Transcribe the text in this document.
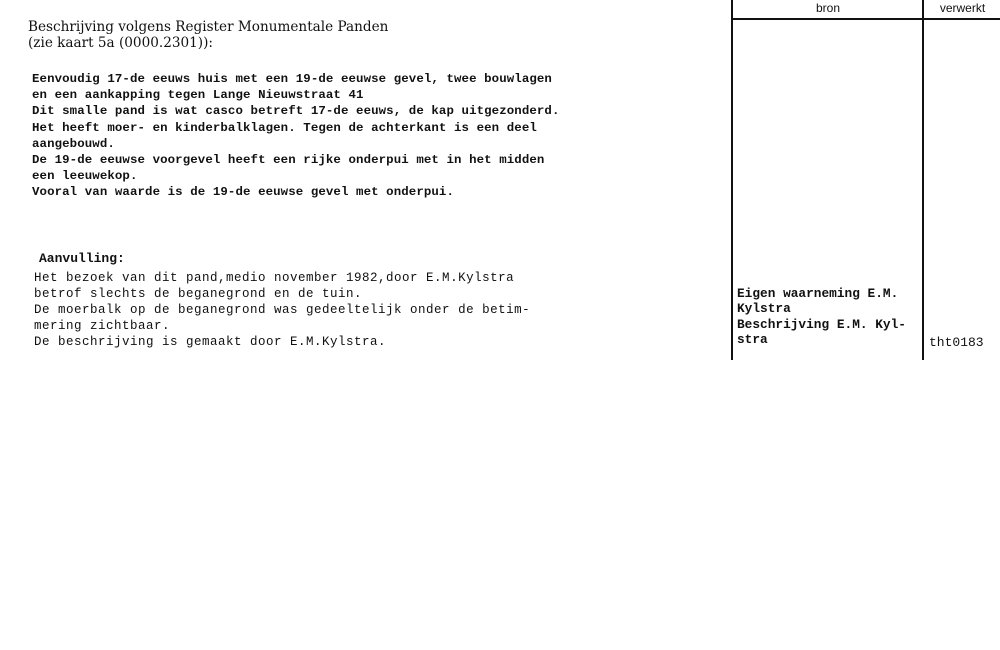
Beschrijving volgens Register Monumentale Panden
(zie kaart 5a (0000.2301)):
Eenvoudig 17-de eeuws huis met een 19-de eeuwse gevel, twee bouwlagen
en een aankapping tegen Lange Nieuwstraat 41
Dit smalle pand is wat casco betreft 17-de eeuws, de kap uitgezonderd.
Het heeft moer- en kinderbalklagen. Tegen de achterkant is een deel
aangebouwd.
De 19-de eeuwse voorgevel heeft een rijke onderpui met in het midden
een leeuwekop.
Vooral van waarde is de 19-de eeuwse gevel met onderpui.
Aanvulling:
Het bezoek van dit pand,medio november 1982,door E.M.Kylstra
betrof slechts de beganegrond en de tuin.
De moerbalk op de beganegrond was gedeeltelijk onder de betim-
mering zichtbaar.
De beschrijving is gemaakt door E.M.Kylstra.
bron	verwerkt
Eigen waarneming E.M.
Kylstra
Beschrijving E.M. Kyl-
stra	tht0183
